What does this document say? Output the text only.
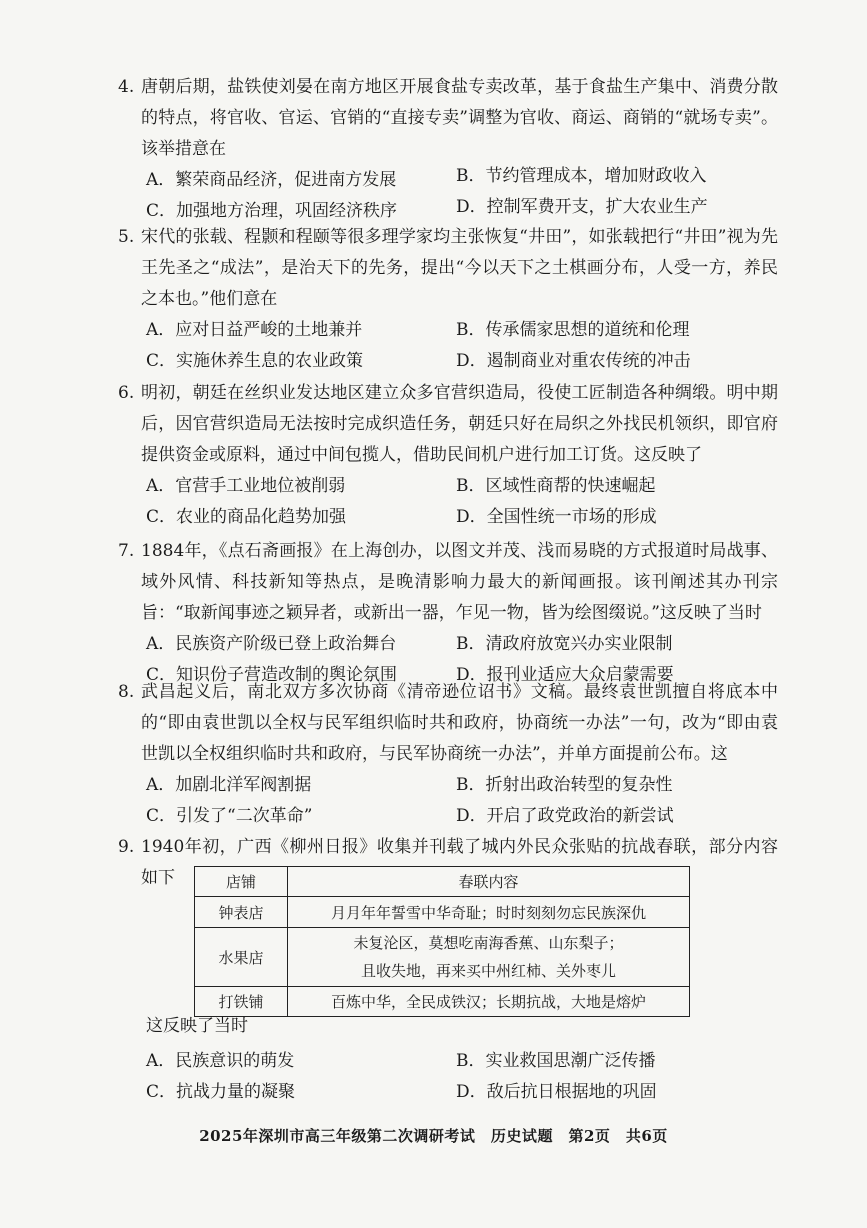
4. 唐朝后期，盐铁使刘晏在南方地区开展食盐专卖改革，基于食盐生产集中、消费分散的特点，将官收、官运、官销的“直接专卖”调整为官收、商运、商销的“就场专卖”。该举措意在
A．繁荣商品经济，促进南方发展	B．节约管理成本，增加财政收入
C．加强地方治理，巩固经济秩序	D．控制军费开支，扩大农业生产
5. 宋代的张载、程颢和程颐等很多理学家均主张恢复“井田”，如张载把行“井田”视为先王先圣之“成法”，是治天下的先务，提出“今以天下之土棋画分布，人受一方，养民之本也。”他们意在
A．应对日益严峻的土地兼并	B．传承儒家思想的道统和伦理
C．实施休养生息的农业政策	D．遏制商业对重农传统的冲击
6. 明初，朝廷在丝织业发达地区建立众多官营织造局，役使工匠制造各种绸缎。明中期后，因官营织造局无法按时完成织造任务，朝廷只好在局织之外找民机领织，即官府提供资金或原料，通过中间包揽人，借助民间机户进行加工订货。这反映了
A．官营手工业地位被削弱	B．区域性商帮的快速崛起
C．农业的商品化趋势加强	D．全国性统一市场的形成
7. 1884年，《点石斋画报》在上海创办，以图文并茂、浅而易晓的方式报道时局战事、域外风情、科技新知等热点，是晚清影响力最大的新闻画报。该刊阐述其办刊宗旨：“取新闻事迹之颖异者，或新出一器，乍见一物，皆为绘图缀说。”这反映了当时
A．民族资产阶级已登上政治舞台	B．清政府放宽兴办实业限制
C．知识份子营造改制的舆论氛围	D．报刊业适应大众启蒙需要
8. 武昌起义后，南北双方多次协商《清帝逊位诏书》文稿。最终袁世凯擅自将底本中的“即由袁世凯以全权与民军组织临时共和政府，协商统一办法”一句，改为“即由袁世凯以全权组织临时共和政府，与民军协商统一办法”，并单方面提前公布。这
A．加剧北洋军阀割据	B．折射出政治转型的复杂性
C．引发了“二次革命”	D．开启了政党政治的新尝试
9. 1940年初，广西《柳州日报》收集并刊载了城内外民众张贴的抗战春联，部分内容如下	店铺	春联内容
钟表店	月月年年誓雪中华奇耻；时时刻刻勿忘民族深仇
水果店	未复沦区，莫想吃南海香蕉、山东梨子；
且收失地，再来买中州红柿、关外枣儿

打铁铺	百炼中华，全民成铁汉；长期抗战，大地是熔炉
这反映了当时
A．民族意识的萌发	B．实业救国思潮广泛传播
C．抗战力量的凝聚	D．敌后抗日根据地的巩固
2025年深圳市高三年级第二次调研考试　历史试题　第2页　共6页
